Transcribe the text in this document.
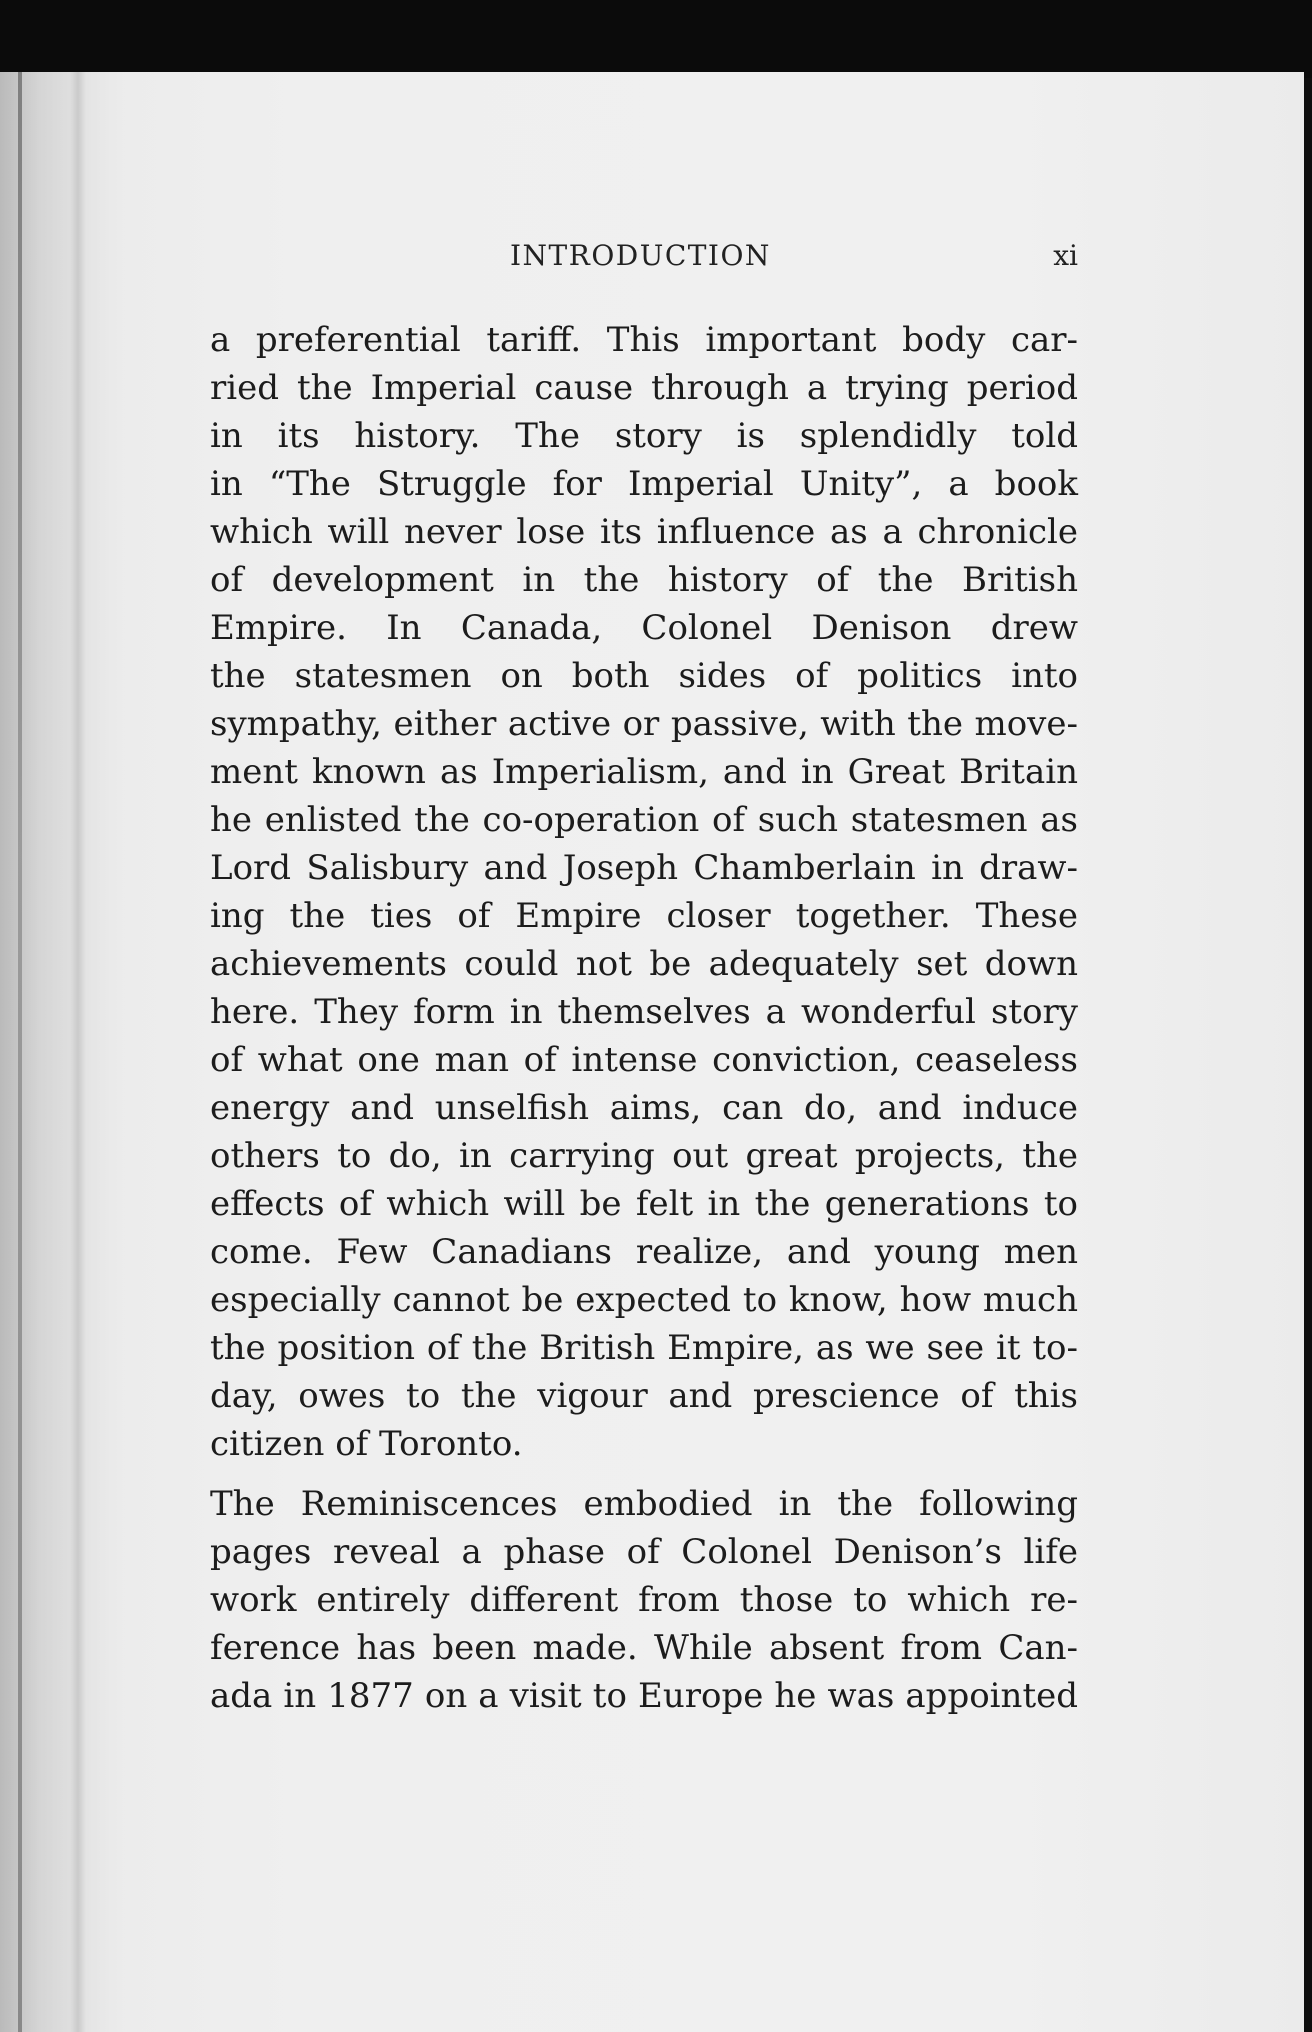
INTRODUCTION	xi
a preferential tariff. This important body car-
ried the Imperial cause through a trying period
in its history. The story is splendidly told
in “The Struggle for Imperial Unity”, a book
which will never lose its influence as a chronicle
of development in the history of the British
Empire. In Canada, Colonel Denison drew
the statesmen on both sides of politics into
sympathy, either active or passive, with the move-
ment known as Imperialism, and in Great Britain
he enlisted the co-operation of such statesmen as
Lord Salisbury and Joseph Chamberlain in draw-
ing the ties of Empire closer together. These
achievements could not be adequately set down
here. They form in themselves a wonderful story
of what one man of intense conviction, ceaseless
energy and unselfish aims, can do, and induce
others to do, in carrying out great projects, the
effects of which will be felt in the generations to
come. Few Canadians realize, and young men
especially cannot be expected to know, how much
the position of the British Empire, as we see it to-
day, owes to the vigour and prescience of this
citizen of Toronto.
The Reminiscences embodied in the following
pages reveal a phase of Colonel Denison’s life
work entirely different from those to which re-
ference has been made. While absent from Can-
ada in 1877 on a visit to Europe he was appointed
